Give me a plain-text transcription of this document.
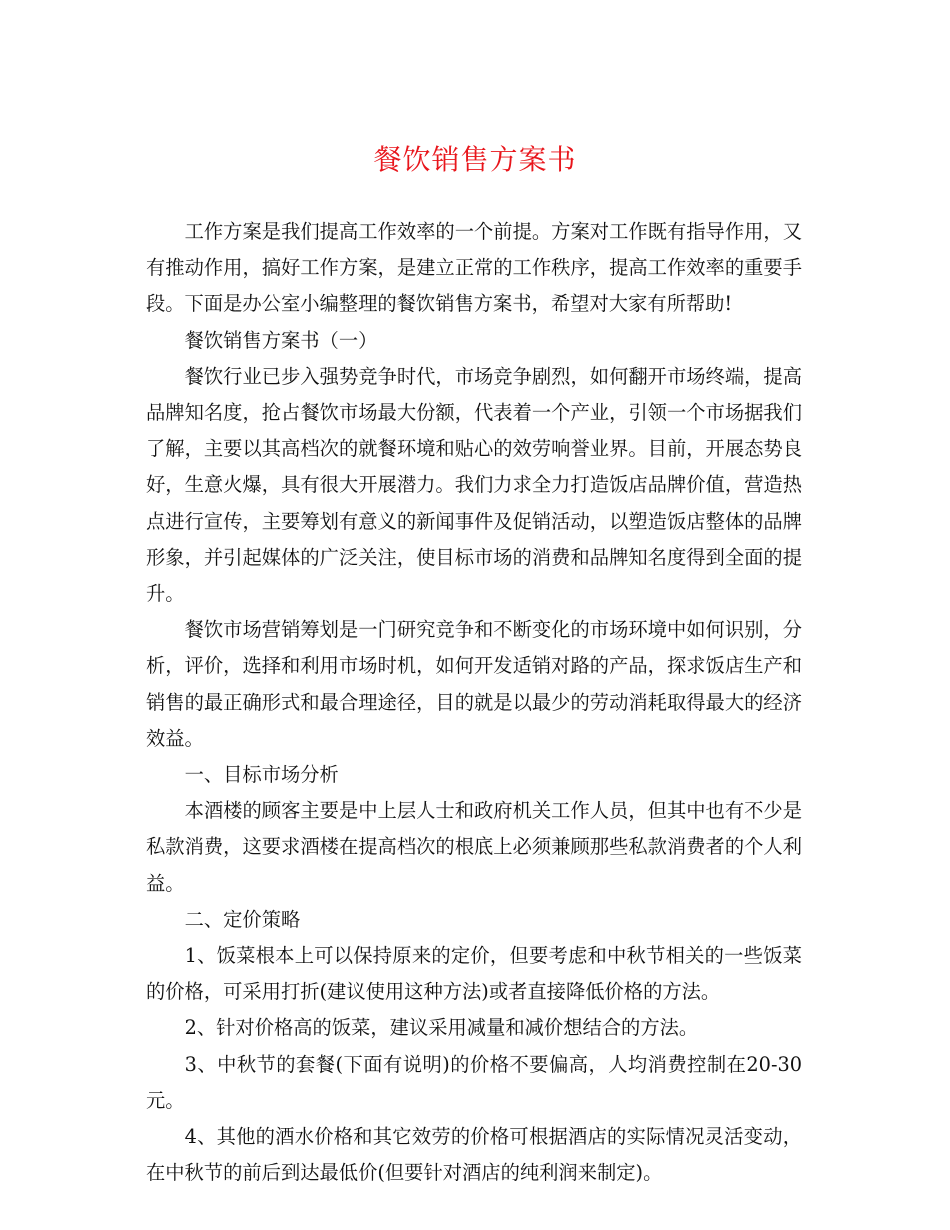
餐饮销售方案书

工作方案是我们提高工作效率的一个前提。方案对工作既有指导作用，又有推动作用，搞好工作方案，是建立正常的工作秩序，提高工作效率的重要手段。下面是办公室小编整理的餐饮销售方案书，希望对大家有所帮助!

餐饮销售方案书（一）

餐饮行业已步入强势竞争时代，市场竞争剧烈，如何翻开市场终端，提高品牌知名度，抢占餐饮市场最大份额，代表着一个产业，引领一个市场据我们了解，主要以其高档次的就餐环境和贴心的效劳响誉业界。目前，开展态势良好，生意火爆，具有很大开展潜力。我们力求全力打造饭店品牌价值，营造热点进行宣传，主要筹划有意义的新闻事件及促销活动，以塑造饭店整体的品牌形象，并引起媒体的广泛关注，使目标市场的消费和品牌知名度得到全面的提升。

餐饮市场营销筹划是一门研究竞争和不断变化的市场环境中如何识别，分析，评价，选择和利用市场时机，如何开发适销对路的产品，探求饭店生产和销售的最正确形式和最合理途径，目的就是以最少的劳动消耗取得最大的经济效益。

一、目标市场分析

本酒楼的顾客主要是中上层人士和政府机关工作人员，但其中也有不少是私款消费，这要求酒楼在提高档次的根底上必须兼顾那些私款消费者的个人利益。

二、定价策略

1、饭菜根本上可以保持原来的定价，但要考虑和中秋节相关的一些饭菜的价格，可采用打折(建议使用这种方法)或者直接降低价格的方法。

2、针对价格高的饭菜，建议采用减量和减价想结合的方法。

3、中秋节的套餐(下面有说明)的价格不要偏高，人均消费控制在20-30元。

4、其他的酒水价格和其它效劳的价格可根据酒店的实际情况灵活变动，在中秋节的前后到达最低价(但要针对酒店的纯利润来制定)。
